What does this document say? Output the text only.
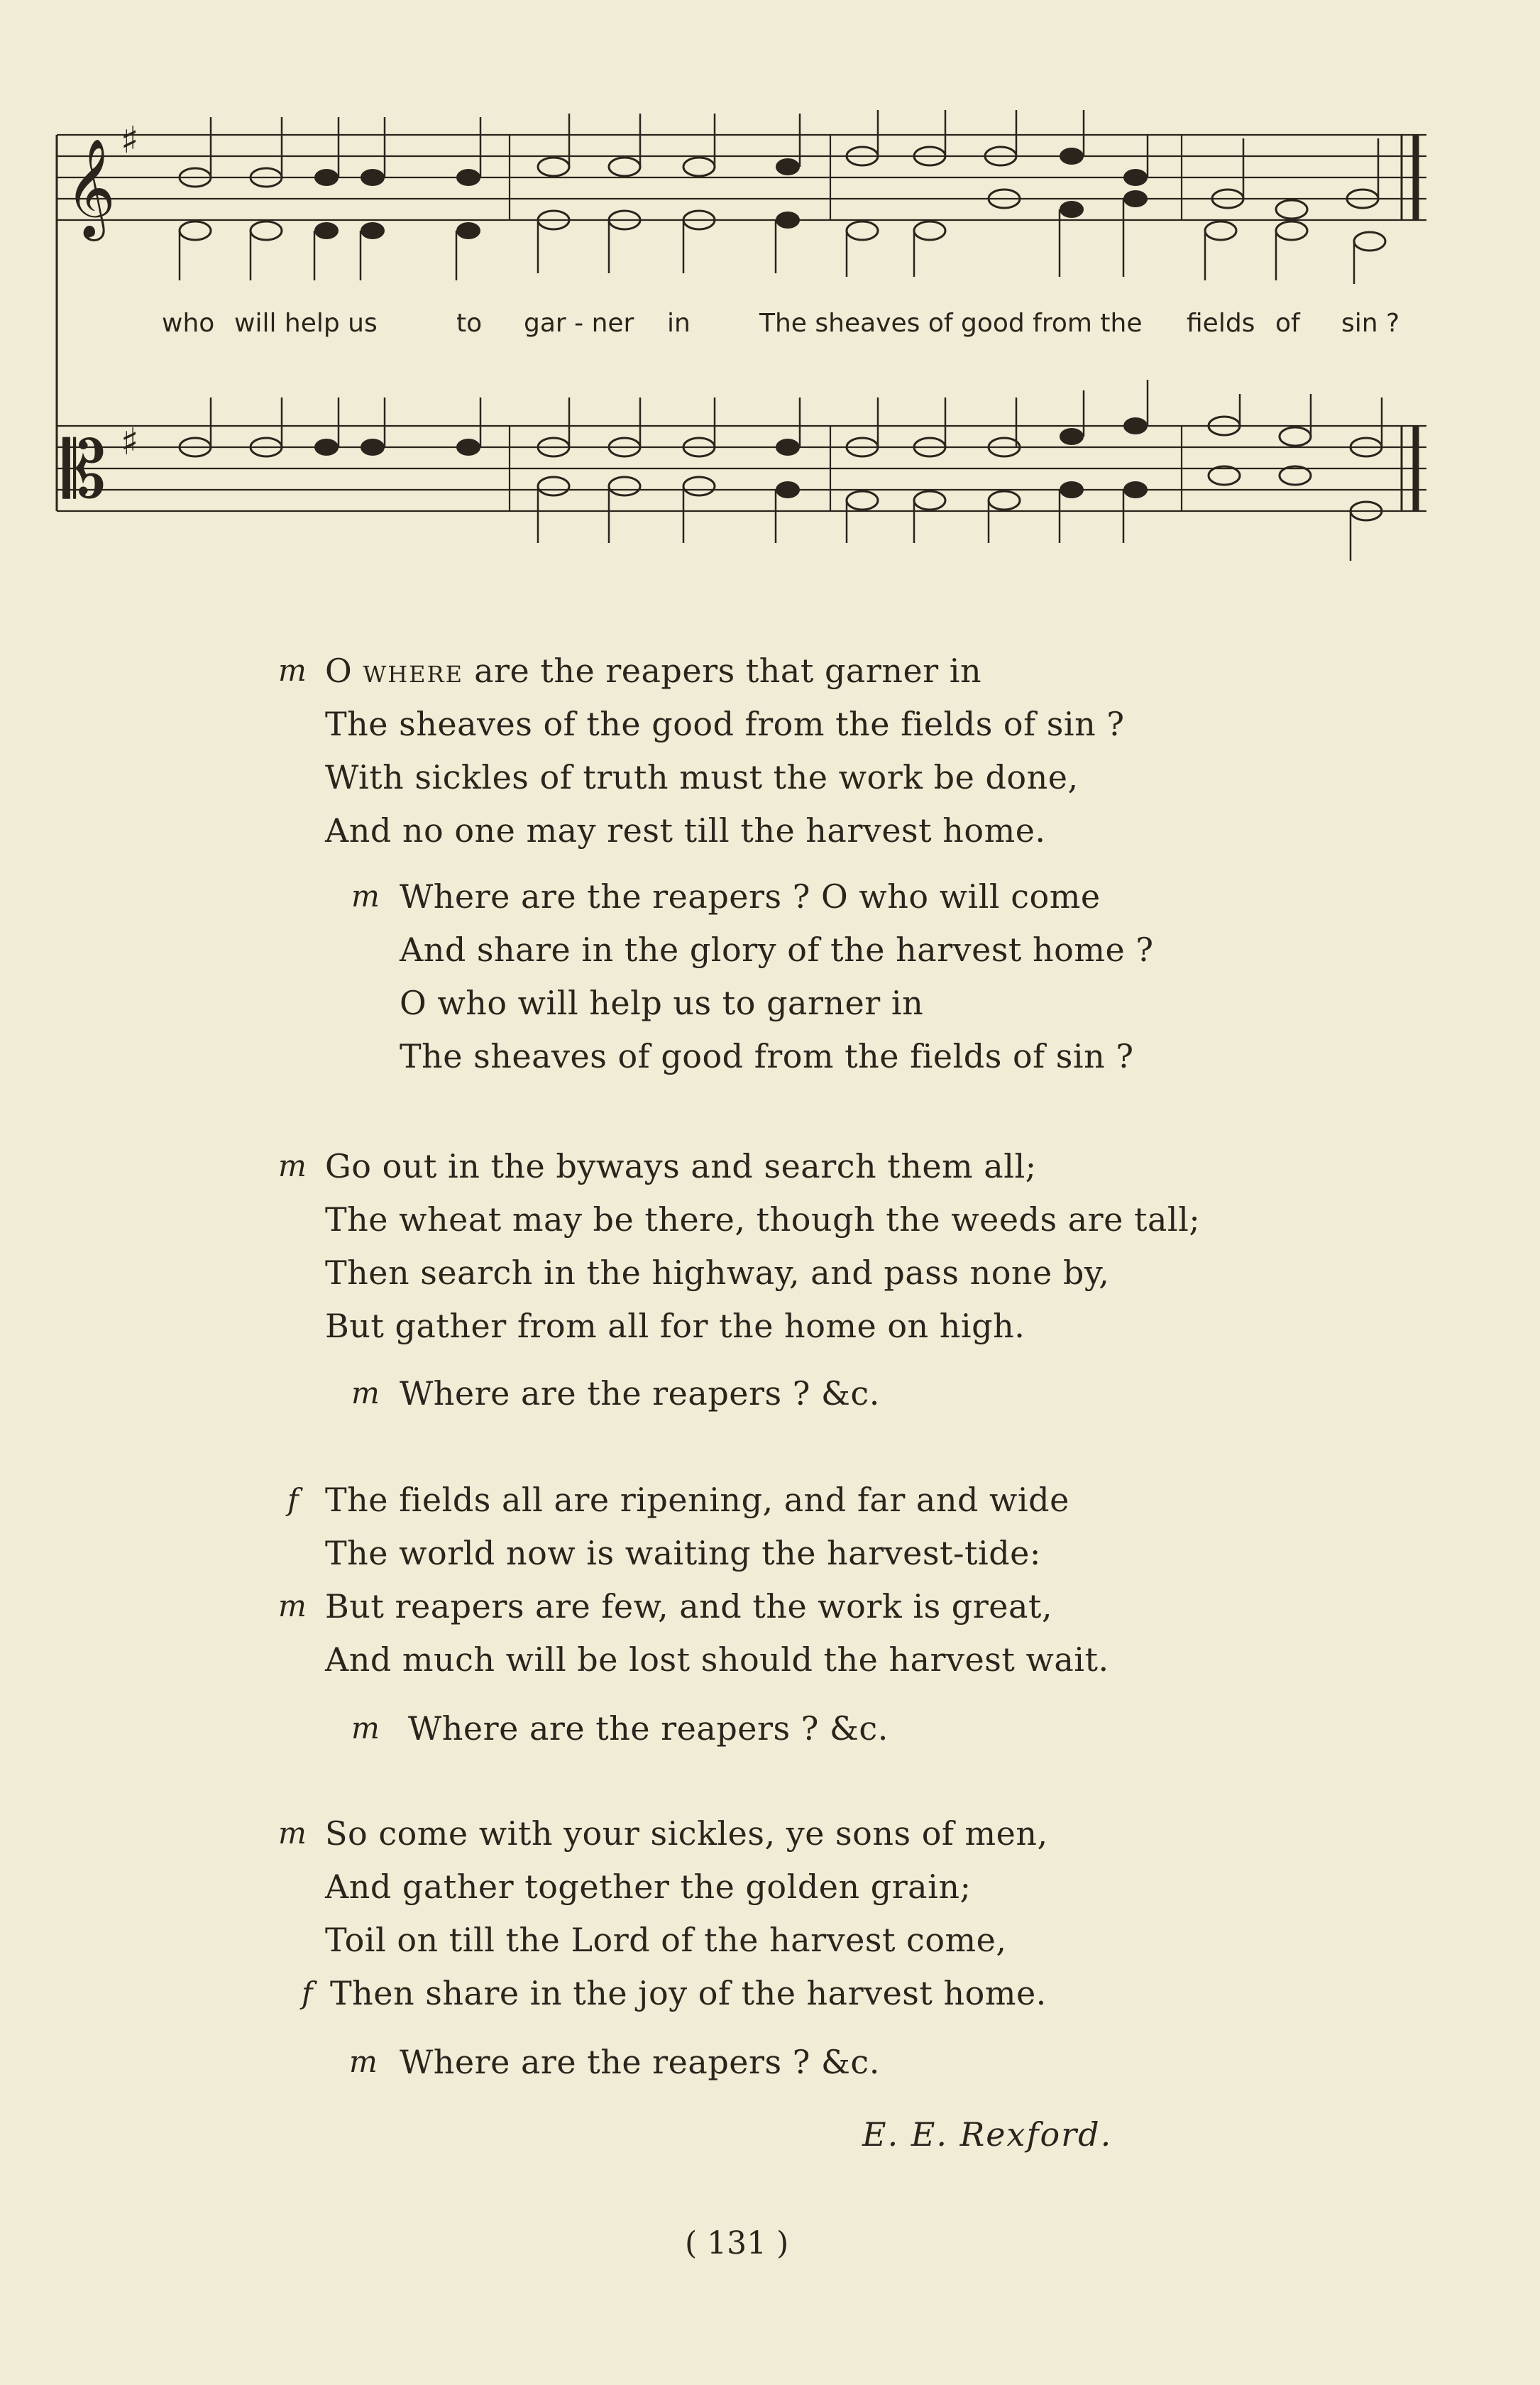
𝄞 ♯
𝄡 ♯
who will help us	to gar - ner in	The sheaves of good from the fields of sin ?
m O where are the reapers that garner in
The sheaves of the good from the fields of sin ?
With sickles of truth must the work be done,
And no one may rest till the harvest home.
m Where are the reapers ? O who will come
And share in the glory of the harvest home ?
O who will help us to garner in
The sheaves of good from the fields of sin ?
m Go out in the byways and search them all;
The wheat may be there, though the weeds are tall;
Then search in the highway, and pass none by,
But gather from all for the home on high.
m Where are the reapers ? &c.
f The fields all are ripening, and far and wide
The world now is waiting the harvest-tide:
m But reapers are few, and the work is great,
And much will be lost should the harvest wait.
m Where are the reapers ? &c.
m So come with your sickles, ye sons of men,
And gather together the golden grain;
Toil on till the Lord of the harvest come,
f Then share in the joy of the harvest home.
m Where are the reapers ? &c.
E. E. Rexford.
( 131 )
